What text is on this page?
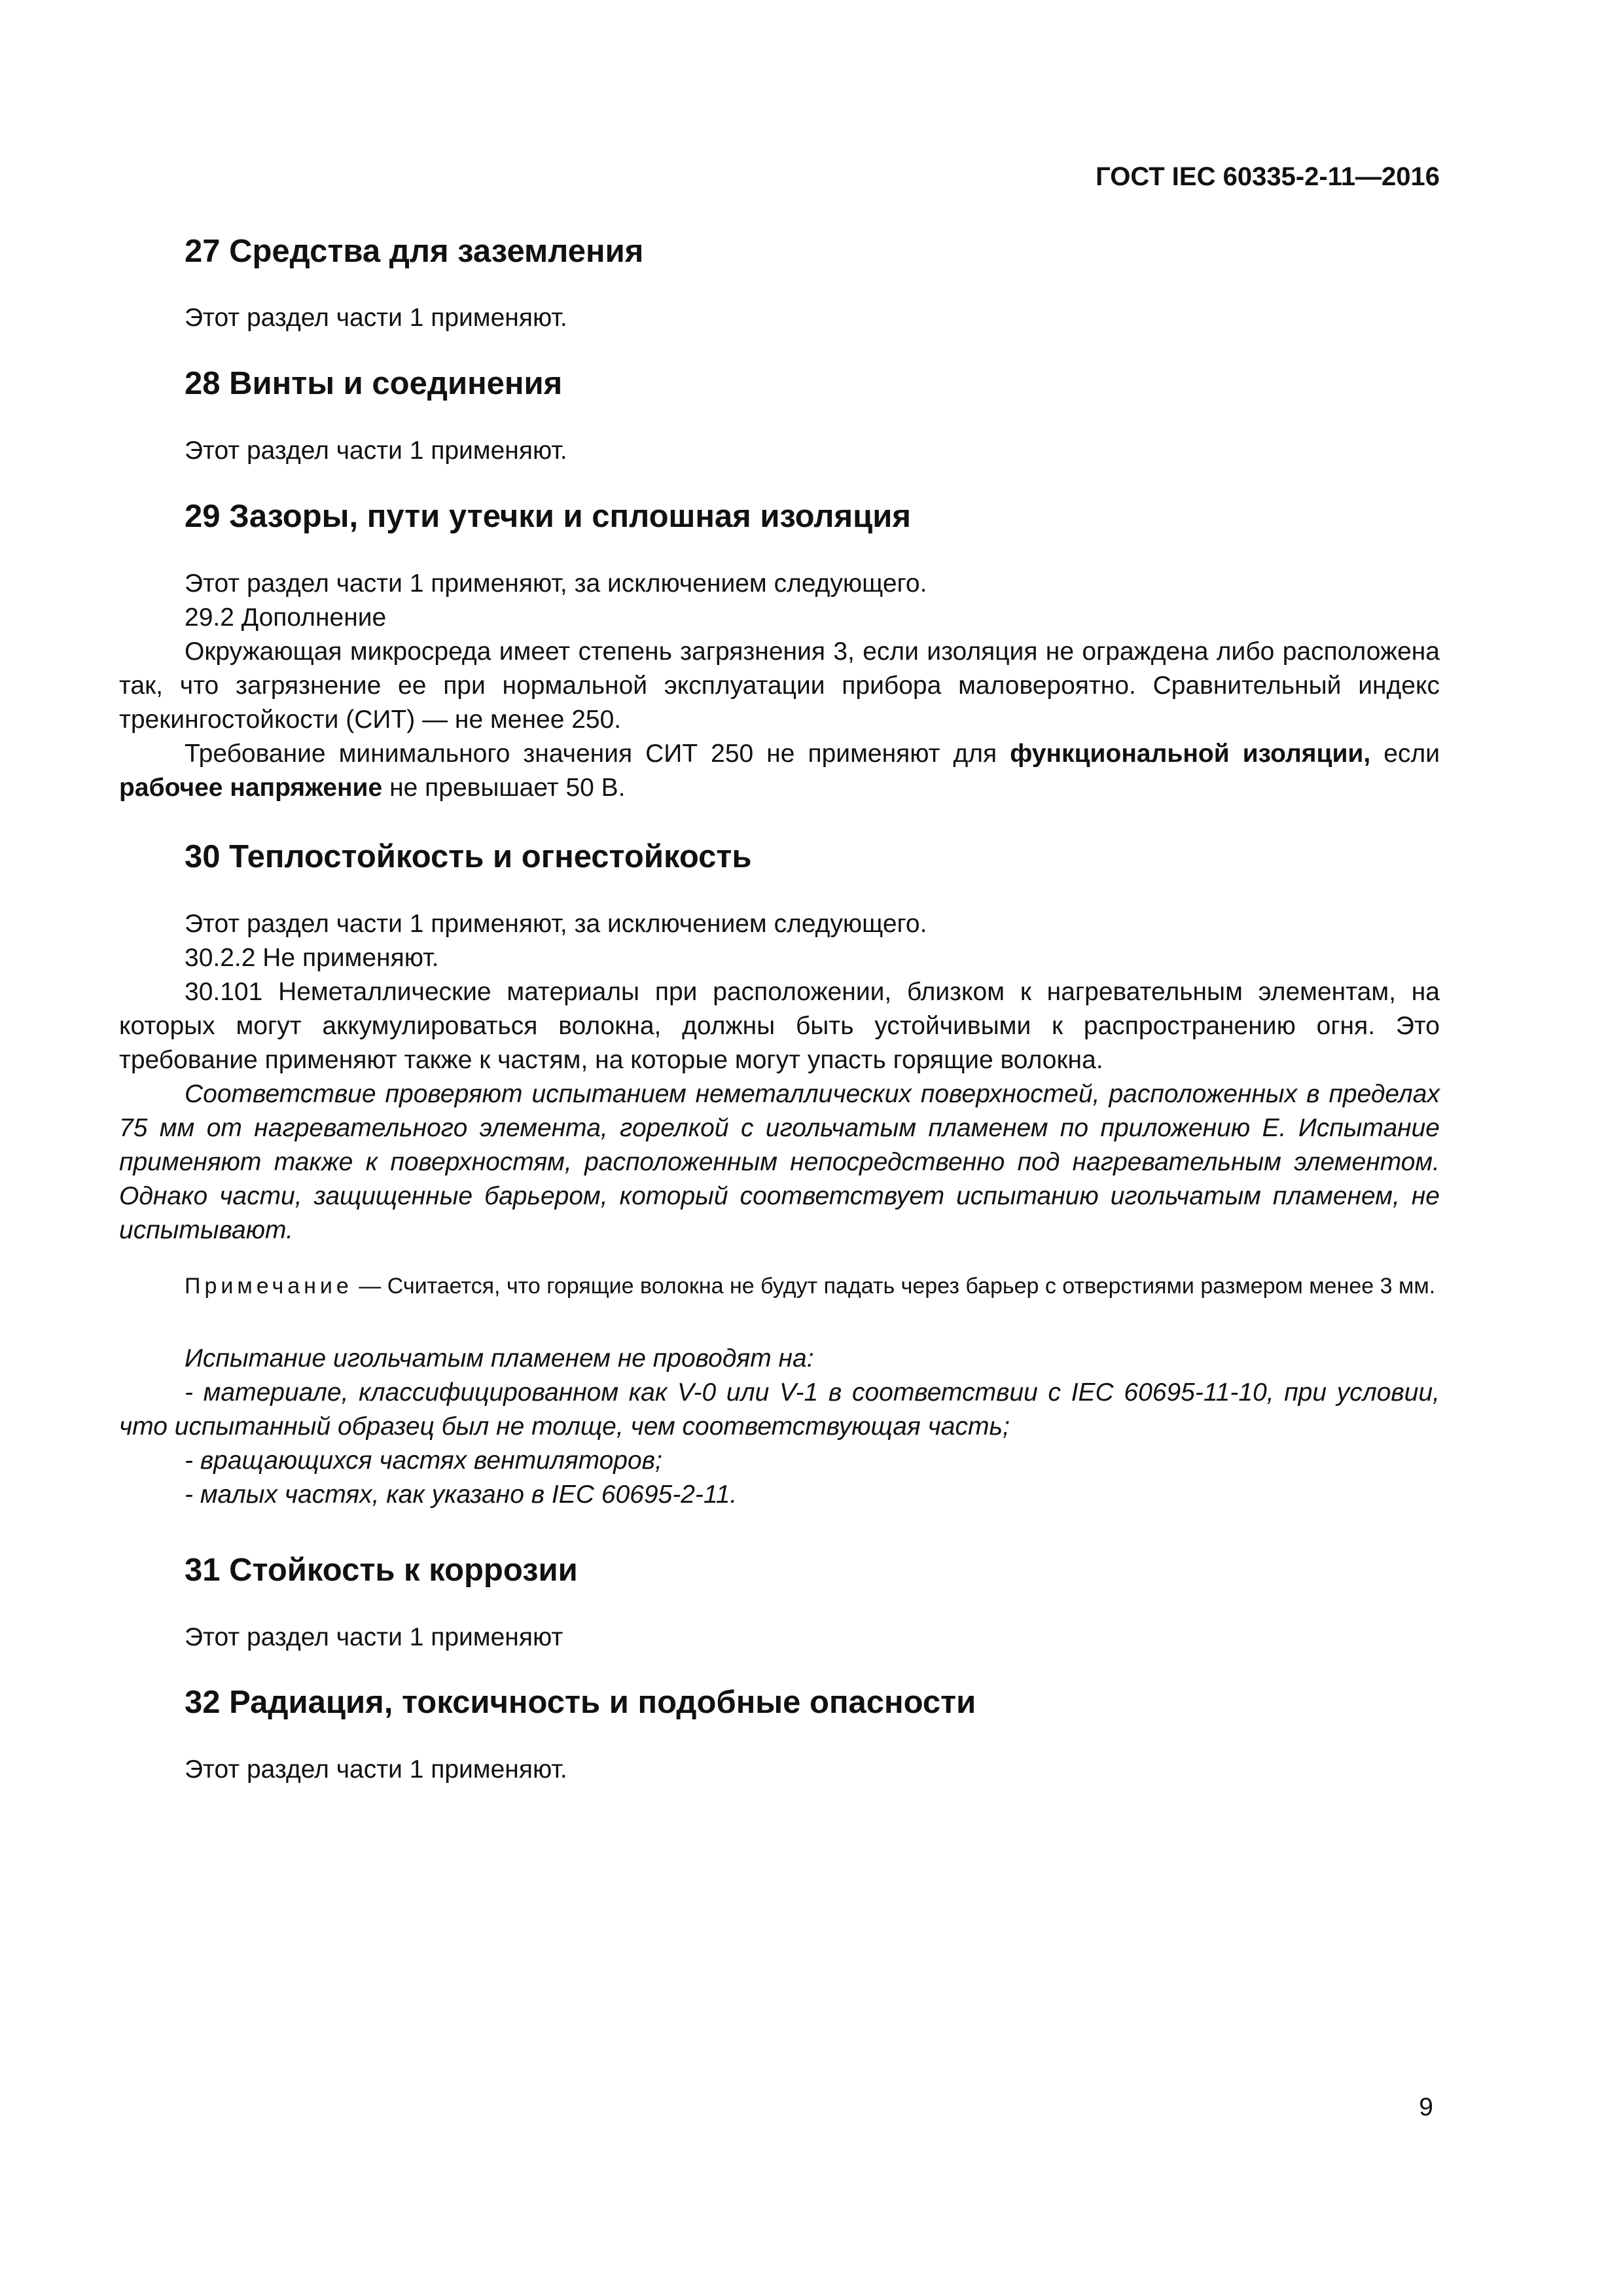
ГОСТ IEC 60335-2-11—2016
27 Средства для заземления
Этот раздел части 1 применяют.
28 Винты и соединения
Этот раздел части 1 применяют.
29 Зазоры, пути утечки и сплошная изоляция
Этот раздел части 1 применяют, за исключением следующего.
29.2 Дополнение
Окружающая микросреда имеет степень загрязнения 3, если изоляция не ограждена либо расположена так, что загрязнение ее при нормальной эксплуатации прибора маловероятно. Сравнительный индекс трекингостойкости (СИТ) — не менее 250.
Требование минимального значения СИТ 250 не применяют для функциональной изоляции, если рабочее напряжение не превышает 50 В.
30 Теплостойкость и огнестойкость
Этот раздел части 1 применяют, за исключением следующего.
30.2.2 Не применяют.
30.101 Неметаллические материалы при расположении, близком к нагревательным элементам, на которых могут аккумулироваться волокна, должны быть устойчивыми к распространению огня. Это требование применяют также к частям, на которые могут упасть горящие волокна.
Соответствие проверяют испытанием неметаллических поверхностей, расположенных в пределах 75 мм от нагревательного элемента, горелкой с игольчатым пламенем по приложению Е. Испытание применяют также к поверхностям, расположенным непосредственно под нагревательным элементом. Однако части, защищенные барьером, который соответствует испытанию игольчатым пламенем, не испытывают.
Примечание — Считается, что горящие волокна не будут падать через барьер с отверстиями размером менее 3 мм.
Испытание игольчатым пламенем не проводят на:
- материале, классифицированном как V-0 или V-1 в соответствии с IEC 60695-11-10, при условии, что испытанный образец был не толще, чем соответствующая часть;
- вращающихся частях вентиляторов;
- малых частях, как указано в IEC 60695-2-11.
31 Стойкость к коррозии
Этот раздел части 1 применяют
32 Радиация, токсичность и подобные опасности
Этот раздел части 1 применяют.
9
